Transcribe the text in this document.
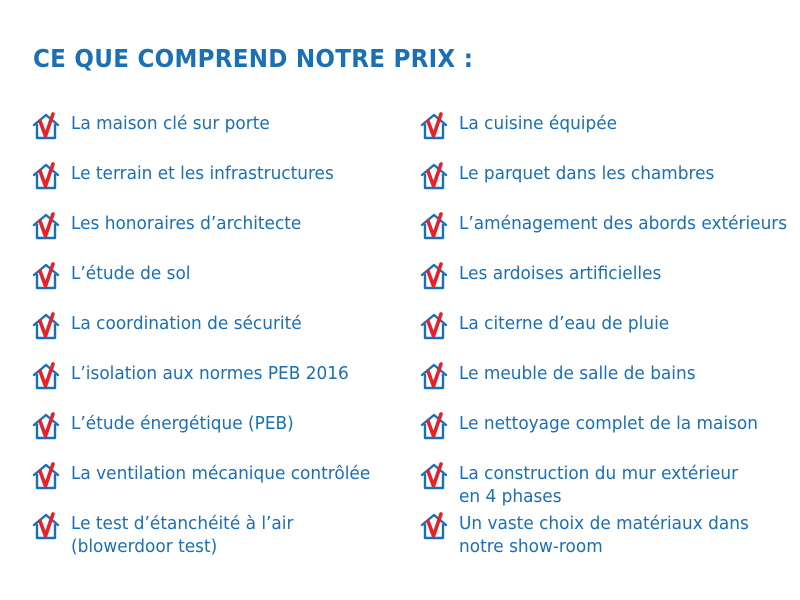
CE QUE COMPREND NOTRE PRIX :
La maison clé sur porte
Le terrain et les infrastructures
Les honoraires d’architecte
L’étude de sol
La coordination de sécurité
L’isolation aux normes PEB 2016
L’étude énergétique (PEB)
La ventilation mécanique contrôlée
Le test d’étanchéité à l’air
(blowerdoor test)
La cuisine équipée
Le parquet dans les chambres
L’aménagement des abords extérieurs
Les ardoises artificielles
La citerne d’eau de pluie
Le meuble de salle de bains
Le nettoyage complet de la maison
La construction du mur extérieur
en 4 phases
Un vaste choix de matériaux dans
notre show-room
